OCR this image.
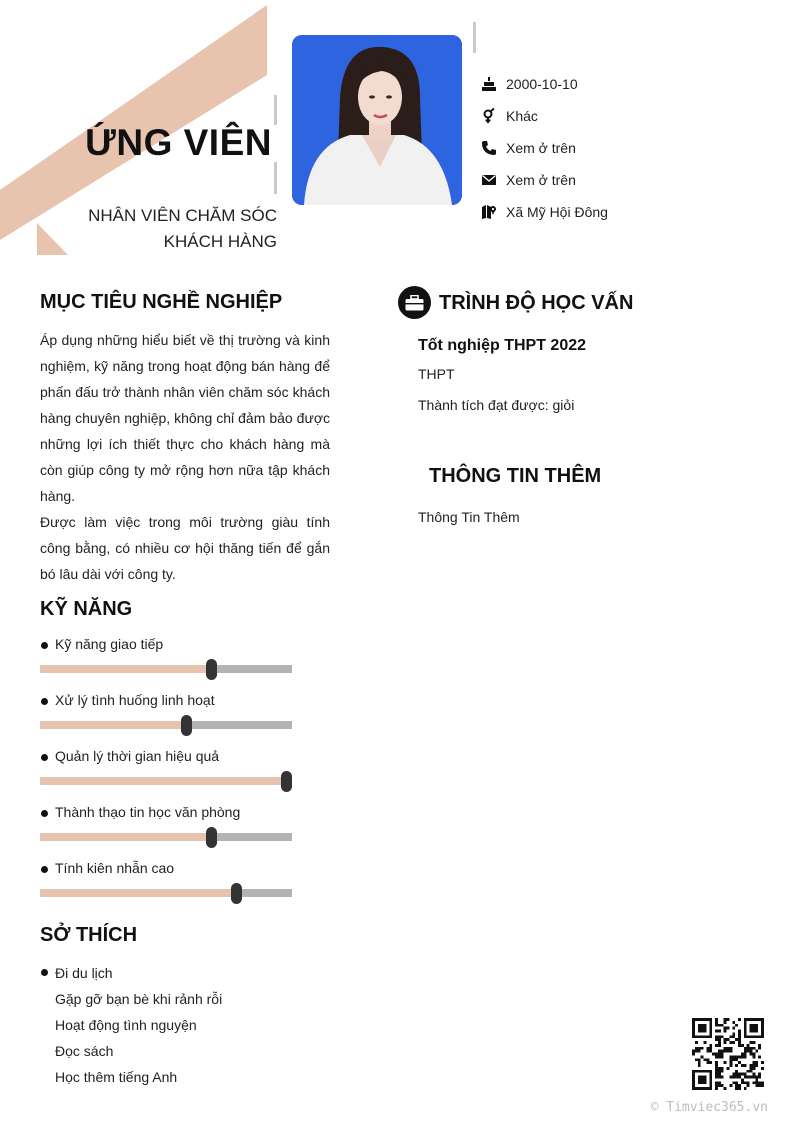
ỨNG VIÊN
NHÂN VIÊN CHĂM SÓC
KHÁCH HÀNG
2000-10-10
Khác
Xem ở trên
Xem ở trên
Xã Mỹ Hội Đông
MỤC TIÊU NGHỀ NGHIỆP

Áp dụng những hiểu biết về thị trường và kinh nghiệm, kỹ năng trong hoạt động bán hàng để phấn đấu trở thành nhân viên chăm sóc khách hàng chuyên nghiệp, không chỉ đảm bảo được những lợi ích thiết thực cho khách hàng mà còn giúp công ty mở rộng hơn nữa tập khách hàng.

Được làm việc trong môi trường giàu tính công bằng, có nhiều cơ hội thăng tiến để gắn bó lâu dài với công ty.

KỸ NĂNG
Kỹ năng giao tiếp
Xử lý tình huống linh hoạt
Quản lý thời gian hiệu quả
Thành thạo tin học văn phòng
Tính kiên nhẫn cao
SỞ THÍCH
Đi du lịch
Gặp gỡ bạn bè khi rảnh rỗi
Hoạt động tình nguyện
Đọc sách
Học thêm tiếng Anh
TRÌNH ĐỘ HỌC VẤN
Tốt nghiệp THPT 2022
THPT
Thành tích đạt được: giỏi
THÔNG TIN THÊM
Thông Tin Thêm
© Timviec365.vn
